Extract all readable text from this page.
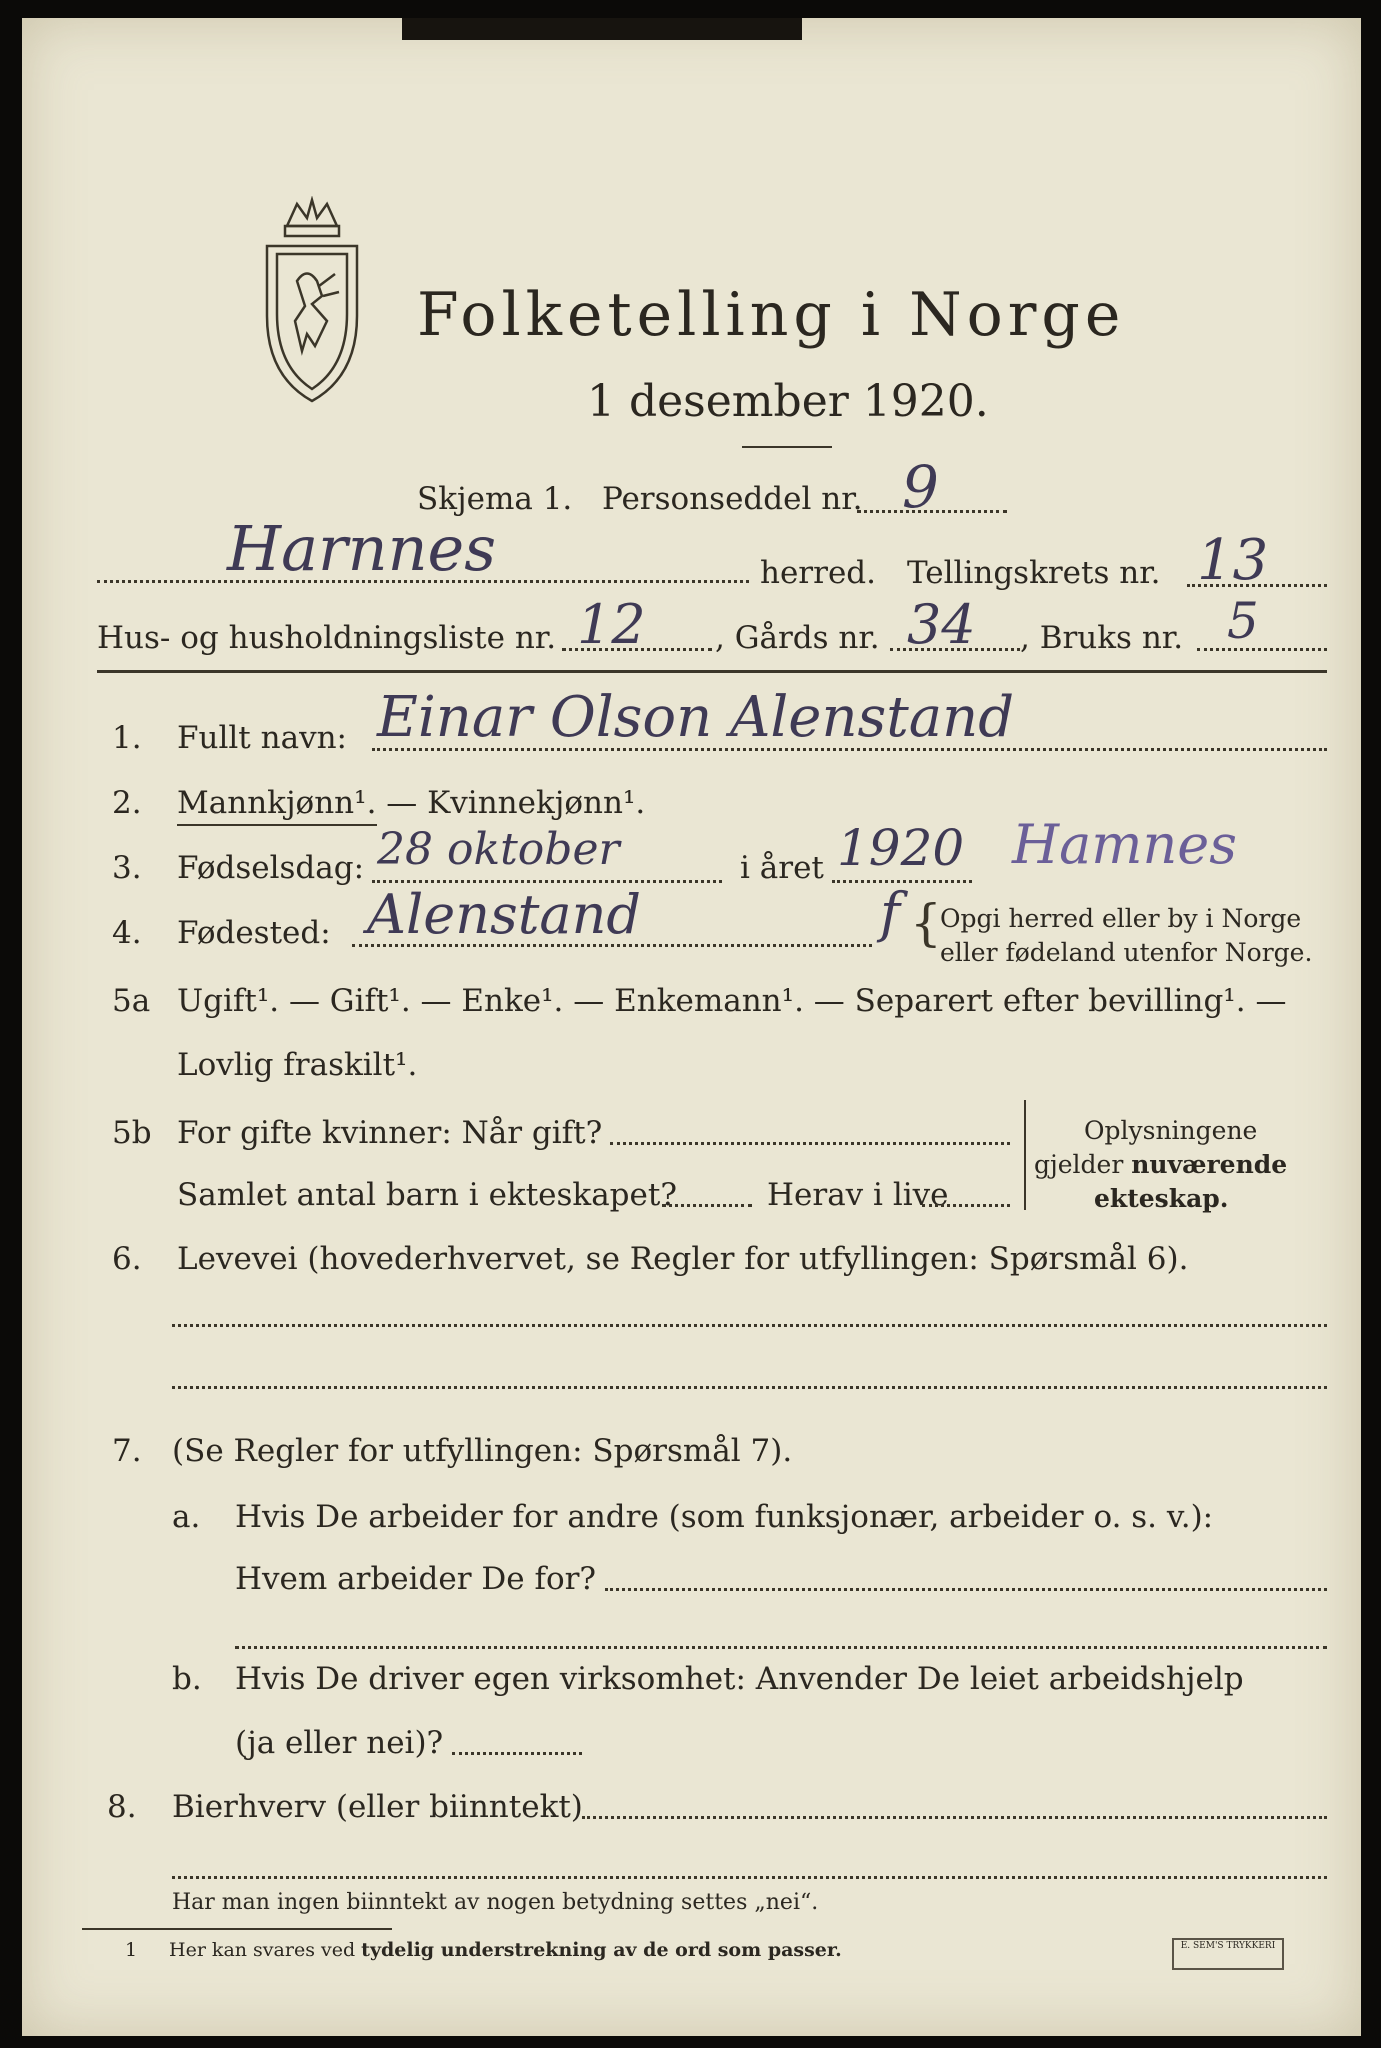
Folketelling i Norge
1 desember 1920.
Skjema 1. Personseddel nr. 9
Harnnes	herred. Tellingskrets nr. 13
Hus- og husholdningsliste nr. 12 , Gårds nr. 34 , Bruks nr. 5
1. Fullt navn: Einar Olson Alenstand
2. Mannkjønn¹. — Kvinnekjønn¹.
3. Fødselsdag: 28 oktober	i året 1920 Hamnes
4. Fødested: Alenstand	f {
Opgi herred eller by i Norge
eller fødeland utenfor Norge.
5a Ugift¹. — Gift¹. — Enke¹. — Enkemann¹. — Separert efter bevilling¹. —
Lovlig fraskilt¹.
5b For gifte kvinner: Når gift?
Samlet antal barn i ekteskapet?	Herav i live
Oplysningene
gjelder nuværende
ekteskap.
6. Levevei (hovederhvervet, se Regler for utfyllingen: Spørsmål 6).
7. (Se Regler for utfyllingen: Spørsmål 7).
a. Hvis De arbeider for andre (som funksjonær, arbeider o. s. v.):
Hvem arbeider De for?
b. Hvis De driver egen virksomhet: Anvender De leiet arbeidshjelp
(ja eller nei)?
8. Bierhverv (eller biinntekt)
Har man ingen biinntekt av nogen betydning settes „nei“.
1 Her kan svares ved tydelig understrekning av de ord som passer.	E. SEM'S TRYKKERI
